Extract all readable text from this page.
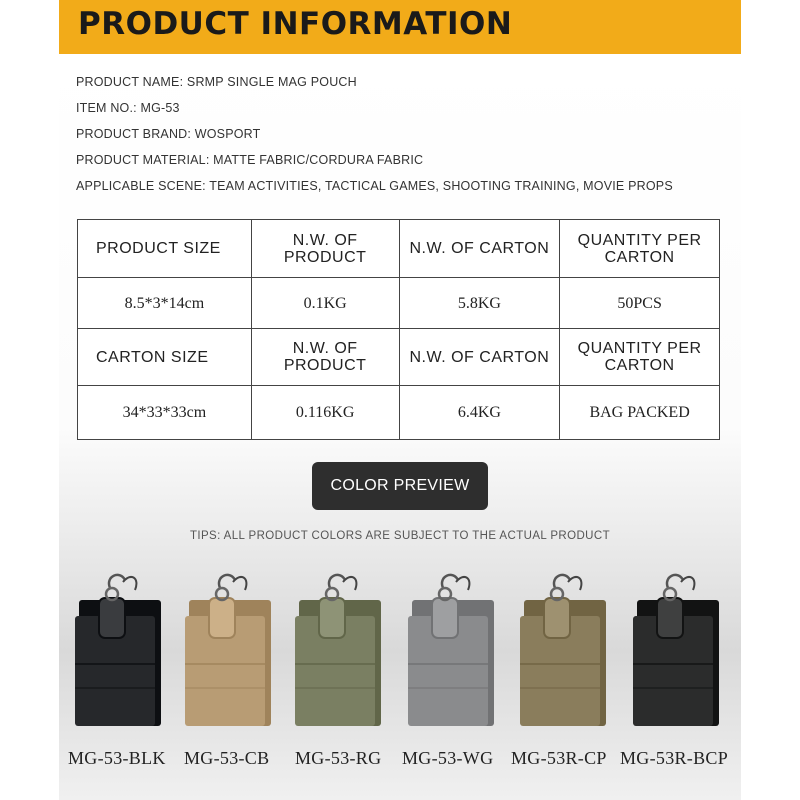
PRODUCT INFORMATION
PRODUCT NAME: SRMP SINGLE MAG POUCH
ITEM NO.: MG-53
PRODUCT BRAND: WOSPORT
PRODUCT MATERIAL: MATTE FABRIC/CORDURA FABRIC
APPLICABLE SCENE: TEAM ACTIVITIES, TACTICAL GAMES, SHOOTING TRAINING, MOVIE PROPS
PRODUCT SIZE	N.W. OF PRODUCT	N.W. OF CARTON	QUANTITY PER CARTON
8.5*3*14cm	0.1KG	5.8KG	50PCS
CARTON SIZE	N.W. OF PRODUCT	N.W. OF CARTON	QUANTITY PER CARTON
34*33*33cm	0.116KG	6.4KG	BAG PACKED
COLOR PREVIEW
TIPS: ALL PRODUCT COLORS ARE SUBJECT TO THE ACTUAL PRODUCT
MG-53-BLK MG-53-CB MG-53-RG MG-53-WG MG-53R-CP MG-53R-BCP
